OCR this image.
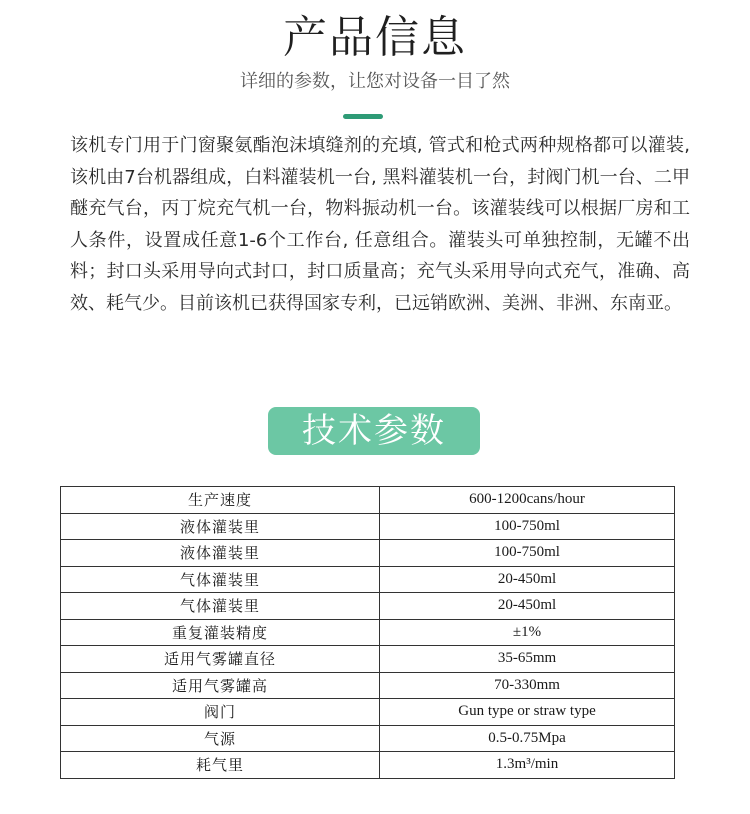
产品信息
详细的参数，让您对设备一目了然

该机专门用于门窗聚氨酯泡沫填缝剂的充填, 管式和枪式两种规格都可以灌装, 该机由7台机器组成，白料灌装机一台, 黑料灌装机一台，封阀门机一台、二甲醚充气台，丙丁烷充气机一台，物料振动机一台。该灌装线可以根据厂房和工人条件，设置成任意1-6个工作台, 任意组合。灌装头可单独控制，无罐不出料；封口头采用导向式封口，封口质量高；充气头采用导向式充气，准确、高效、耗气少。目前该机已获得国家专利，已远销欧洲、美洲、非洲、东南亚。

技术参数
生产速度	600-1200cans/hour
液体灌装里	100-750ml
液体灌装里	100-750ml
气体灌装里	20-450ml
气体灌装里	20-450ml
重复灌装精度	±1%
适用气雾罐直径	35-65mm
适用气雾罐高	70-330mm
阀门	Gun type or straw type
气源	0.5-0.75Mpa
耗气里	1.3m³/min
